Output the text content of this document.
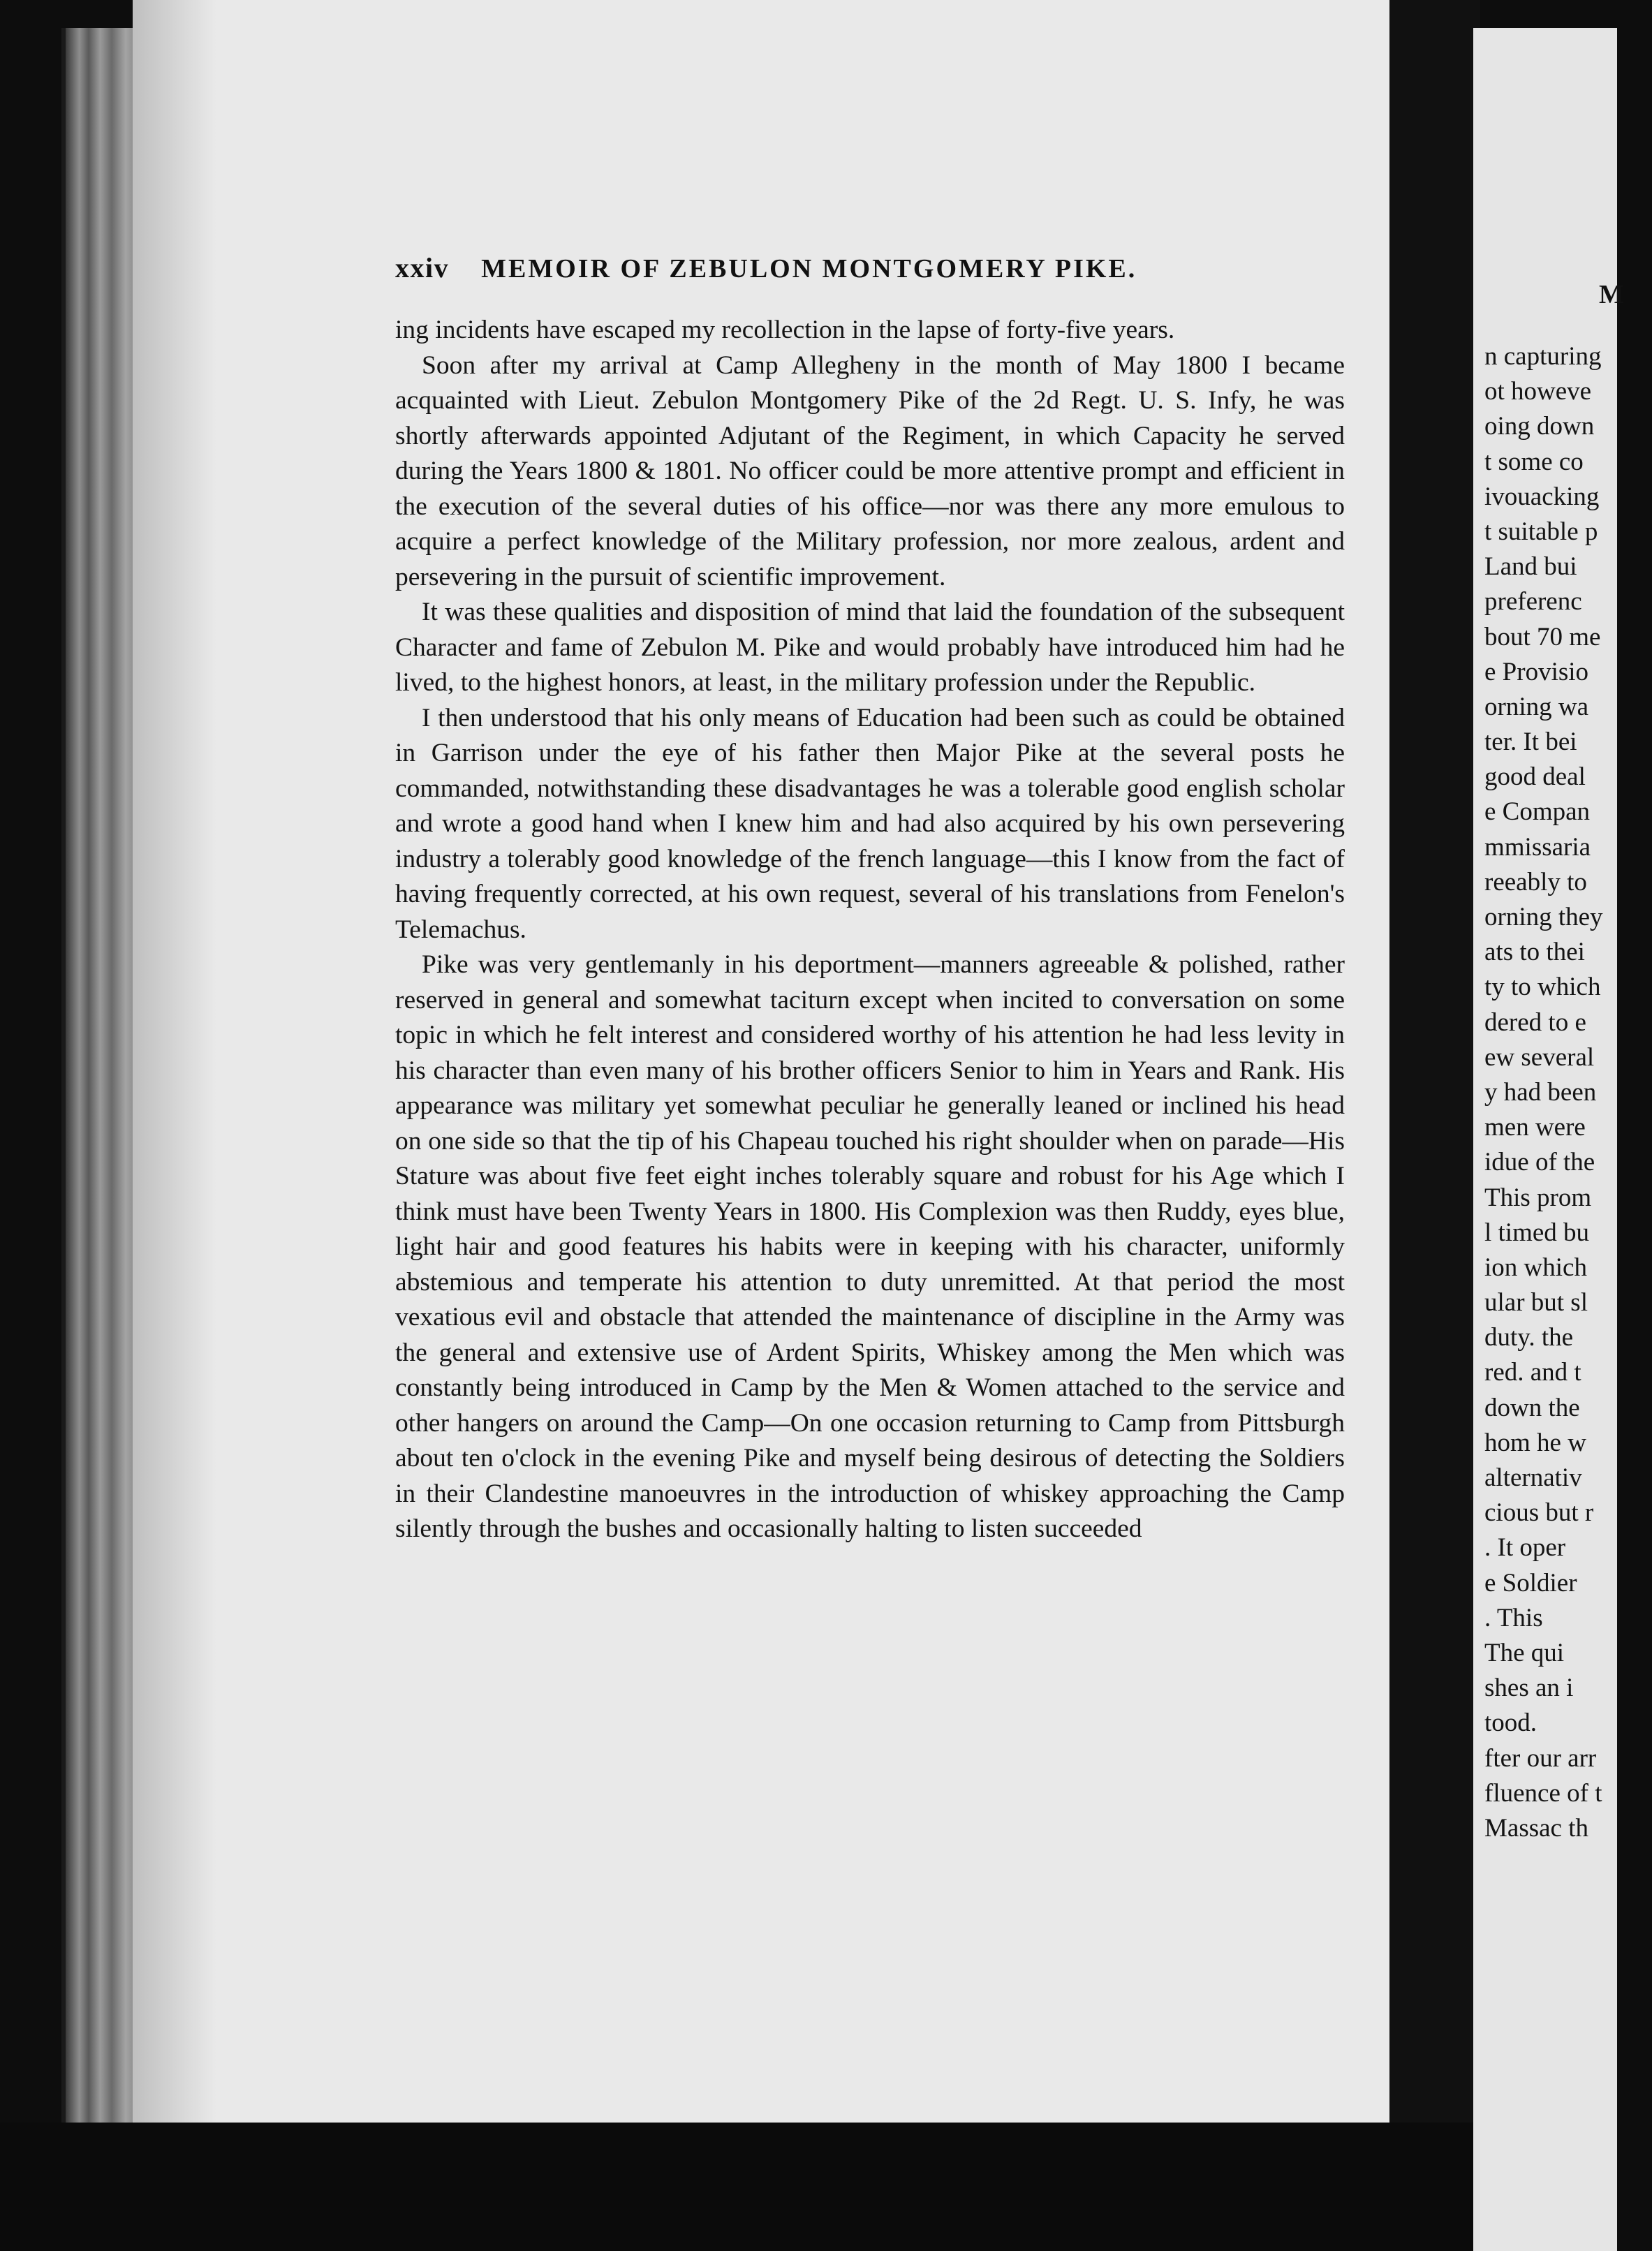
xxiv MEMOIR OF ZEBULON MONTGOMERY PIKE.

ing incidents have escaped my recollection in the lapse of forty-five years.

Soon after my arrival at Camp Allegheny in the month of May 1800 I became acquainted with Lieut. Zebulon Montgomery Pike of the 2d Regt. U. S. Infy, he was shortly afterwards appointed Adjutant of the Regiment, in which Capacity he served during the Years 1800 & 1801. No officer could be more attentive prompt and efficient in the execution of the several duties of his office—nor was there any more emulous to acquire a perfect knowledge of the Military profession, nor more zealous, ardent and persevering in the pursuit of scientific improvement.

It was these qualities and disposition of mind that laid the foundation of the subsequent Character and fame of Zebulon M. Pike and would probably have introduced him had he lived, to the highest honors, at least, in the military profession under the Republic.

I then understood that his only means of Education had been such as could be obtained in Garrison under the eye of his father then Major Pike at the several posts he commanded, notwithstanding these disadvantages he was a tolerable good english scholar and wrote a good hand when I knew him and had also acquired by his own persevering industry a tolerably good knowledge of the french language—this I know from the fact of having frequently corrected, at his own request, several of his translations from Fenelon's Telemachus.

Pike was very gentlemanly in his deportment—manners agreeable & polished, rather reserved in general and somewhat taciturn except when incited to conversation on some topic in which he felt interest and considered worthy of his attention he had less levity in his character than even many of his brother officers Senior to him in Years and Rank. His appearance was military yet somewhat peculiar he generally leaned or inclined his head on one side so that the tip of his Chapeau touched his right shoulder when on parade—His Stature was about five feet eight inches tolerably square and robust for his Age which I think must have been Twenty Years in 1800. His Complexion was then Ruddy, eyes blue, light hair and good features his habits were in keeping with his character, uniformly abstemious and temperate his attention to duty unremitted. At that period the most vexatious evil and obstacle that attended the maintenance of discipline in the Army was the general and extensive use of Ardent Spirits, Whiskey among the Men which was constantly being introduced in Camp by the Men & Women attached to the service and other hangers on around the Camp—On one occasion returning to Camp from Pittsburgh about ten o'clock in the evening Pike and myself being desirous of detecting the Soldiers in their Clandestine manoeuvres in the introduction of whiskey approaching the Camp silently through the bushes and occasionally halting to listen succeeded

M
n capturing
ot howeve
oing down
t some co
ivouacking
t suitable p
Land bui
preferenc
bout 70 me
e Provisio
orning wa
ter. It bei
good deal
e Compan
mmissaria
reeably to
orning they
ats to thei
ty to which
dered to e
ew several
y had been
men were
idue of the
This prom
l timed bu
ion which
ular but sl
duty. the
red. and t
down the
hom he w
alternativ
cious but r
. It oper
e Soldier
. This
The qui
shes an i
tood.
fter our arr
fluence of t
Massac th
